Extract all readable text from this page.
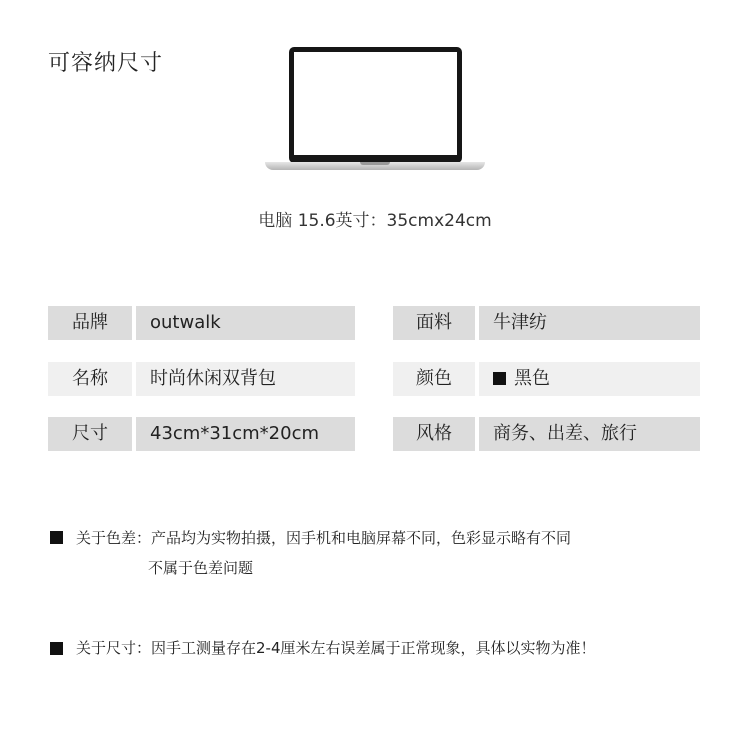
可容纳尺寸
电脑 15.6英寸：35cmx24cm
品牌	outwalk	面料	牛津纺
名称	时尚休闲双背包	颜色	黑色
尺寸	43cm*31cm*20cm	风格	商务、出差、旅行
关于色差：产品均为实物拍摄，因手机和电脑屏幕不同，色彩显示略有不同
不属于色差问题
关于尺寸：因手工测量存在2-4厘米左右误差属于正常现象，具体以实物为准！
